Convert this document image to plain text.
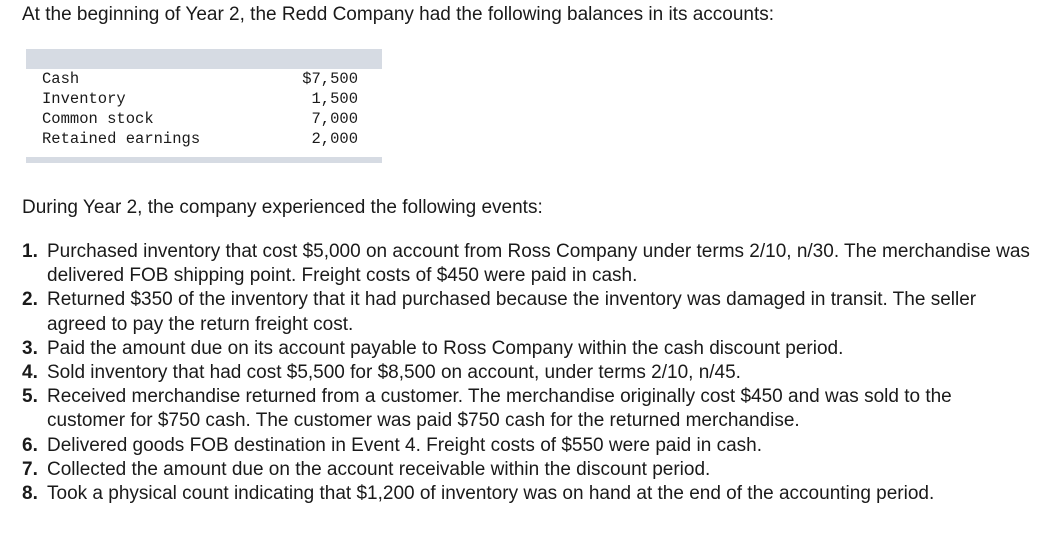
At the beginning of Year 2, the Redd Company had the following balances in its accounts:
Cash	$7,500
Inventory	1,500
Common stock	7,000
Retained earnings	2,000
During Year 2, the company experienced the following events:
1. Purchased inventory that cost $5,000 on account from Ross Company under terms 2/10, n/30. The merchandise was delivered FOB shipping point. Freight costs of $450 were paid in cash.
2. Returned $350 of the inventory that it had purchased because the inventory was damaged in transit. The seller agreed to pay the return freight cost.
3. Paid the amount due on its account payable to Ross Company within the cash discount period.
4. Sold inventory that had cost $5,500 for $8,500 on account, under terms 2/10, n/45.
5. Received merchandise returned from a customer. The merchandise originally cost $450 and was sold to the customer for $750 cash. The customer was paid $750 cash for the returned merchandise.
6. Delivered goods FOB destination in Event 4. Freight costs of $550 were paid in cash.
7. Collected the amount due on the account receivable within the discount period.
8. Took a physical count indicating that $1,200 of inventory was on hand at the end of the accounting period.
